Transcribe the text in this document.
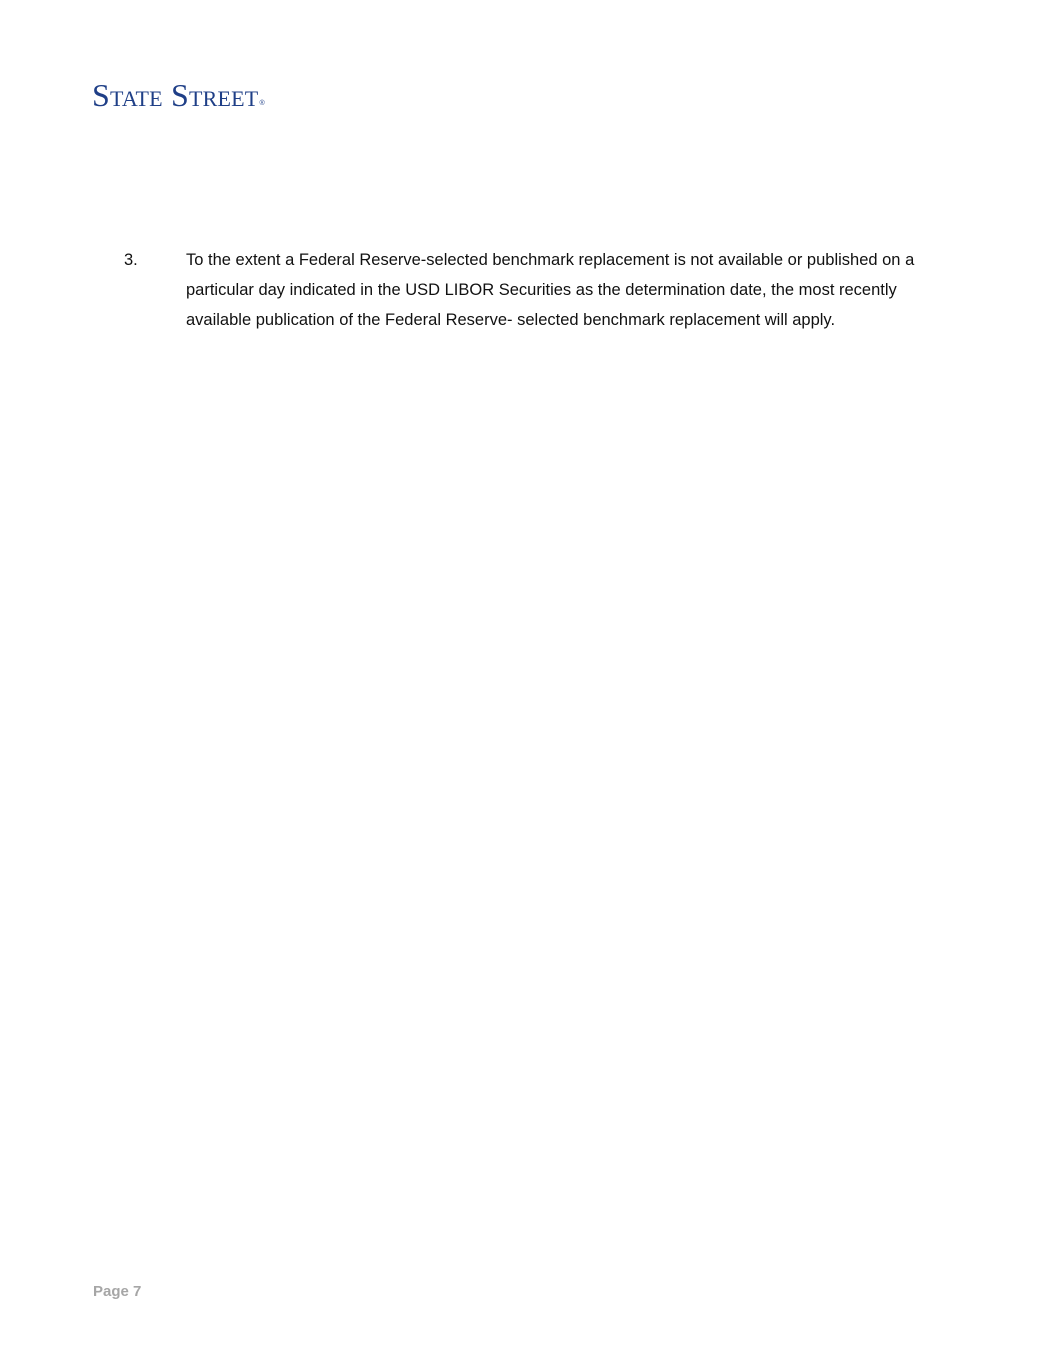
State Street ®
3.	To the extent a Federal Reserve-selected benchmark replacement is not available or published on a particular day indicated in the USD LIBOR Securities as the determination date, the most recently available publication of the Federal Reserve- selected benchmark replacement will apply.
Page 7
